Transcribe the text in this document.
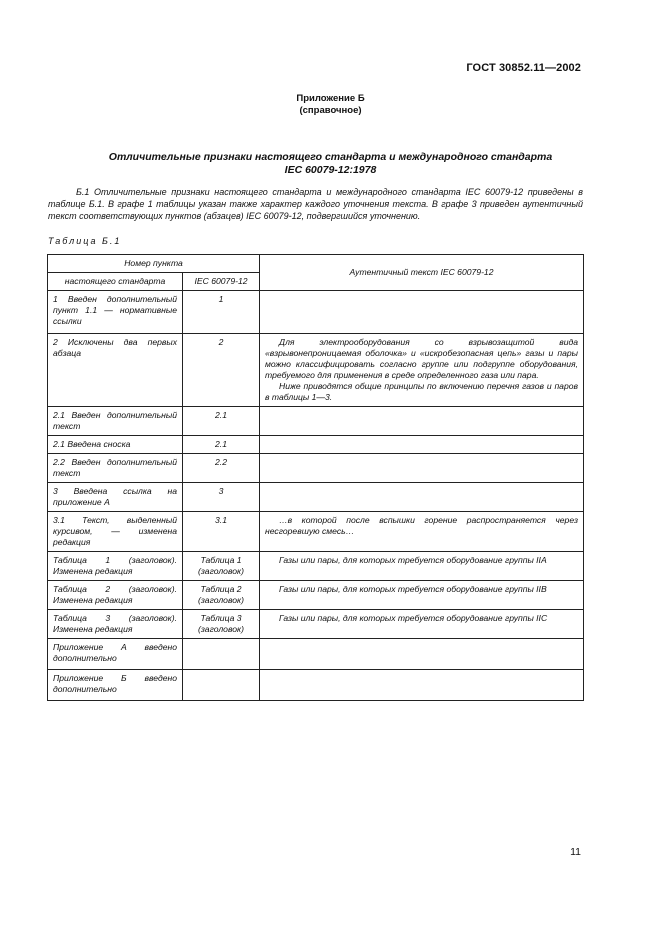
ГОСТ 30852.11—2002
Приложение Б
(справочное)
Отличительные признаки настоящего стандарта и международного стандарта
IEC 60079-12:1978

Б.1 Отличительные признаки настоящего стандарта и международного стандарта IEC 60079-12 приведены в таблице Б.1. В графе 1 таблицы указан также характер каждого уточнения текста. В графе 3 приведен аутентичный текст соответствующих пунктов (абзацев) IEC 60079-12, подвергшийся уточнению.

Таблица Б.1
Номер пункта		Аутентичный текст IEC 60079-12
настоящего стандарта	IEC 60079-12	
1 Введен дополнительный пункт 1.1 — нормативные ссылки	1	
2 Исключены два первых абзаца	2	Для электрооборудования со взрывозащитой вида «взрывонепроницаемая оболочка» и «искробезопасная цепь» газы и пары можно классифицировать согласно группе или подгруппе оборудования, требуемого для применения в среде определенного газа или пара.

Ниже приводятся общие принципы по включению перечня газов и паров в таблицы 1—3.

2.1 Введен дополнительный текст	2.1	
2.1 Введена сноска	2.1	
2.2 Введен дополнительный текст	2.2	
3 Введена ссылка на приложение А	3	
3.1 Текст, выделенный курсивом, — изменена редакция	3.1	…в которой после вспышки горение распространяется через несгоревшую смесь…

Таблица 1 (заголовок). Изменена редакция	Таблица 1 (заголовок)	Газы или пары, для которых требуется оборудование группы IIA

Таблица 2 (заголовок). Изменена редакция	Таблица 2 (заголовок)	Газы или пары, для которых требуется оборудование группы IIB

Таблица 3 (заголовок). Изменена редакция	Таблица 3 (заголовок)	Газы или пары, для которых требуется оборудование группы IIC

Приложение А введено дополнительно		
Приложение Б введено дополнительно		
11
